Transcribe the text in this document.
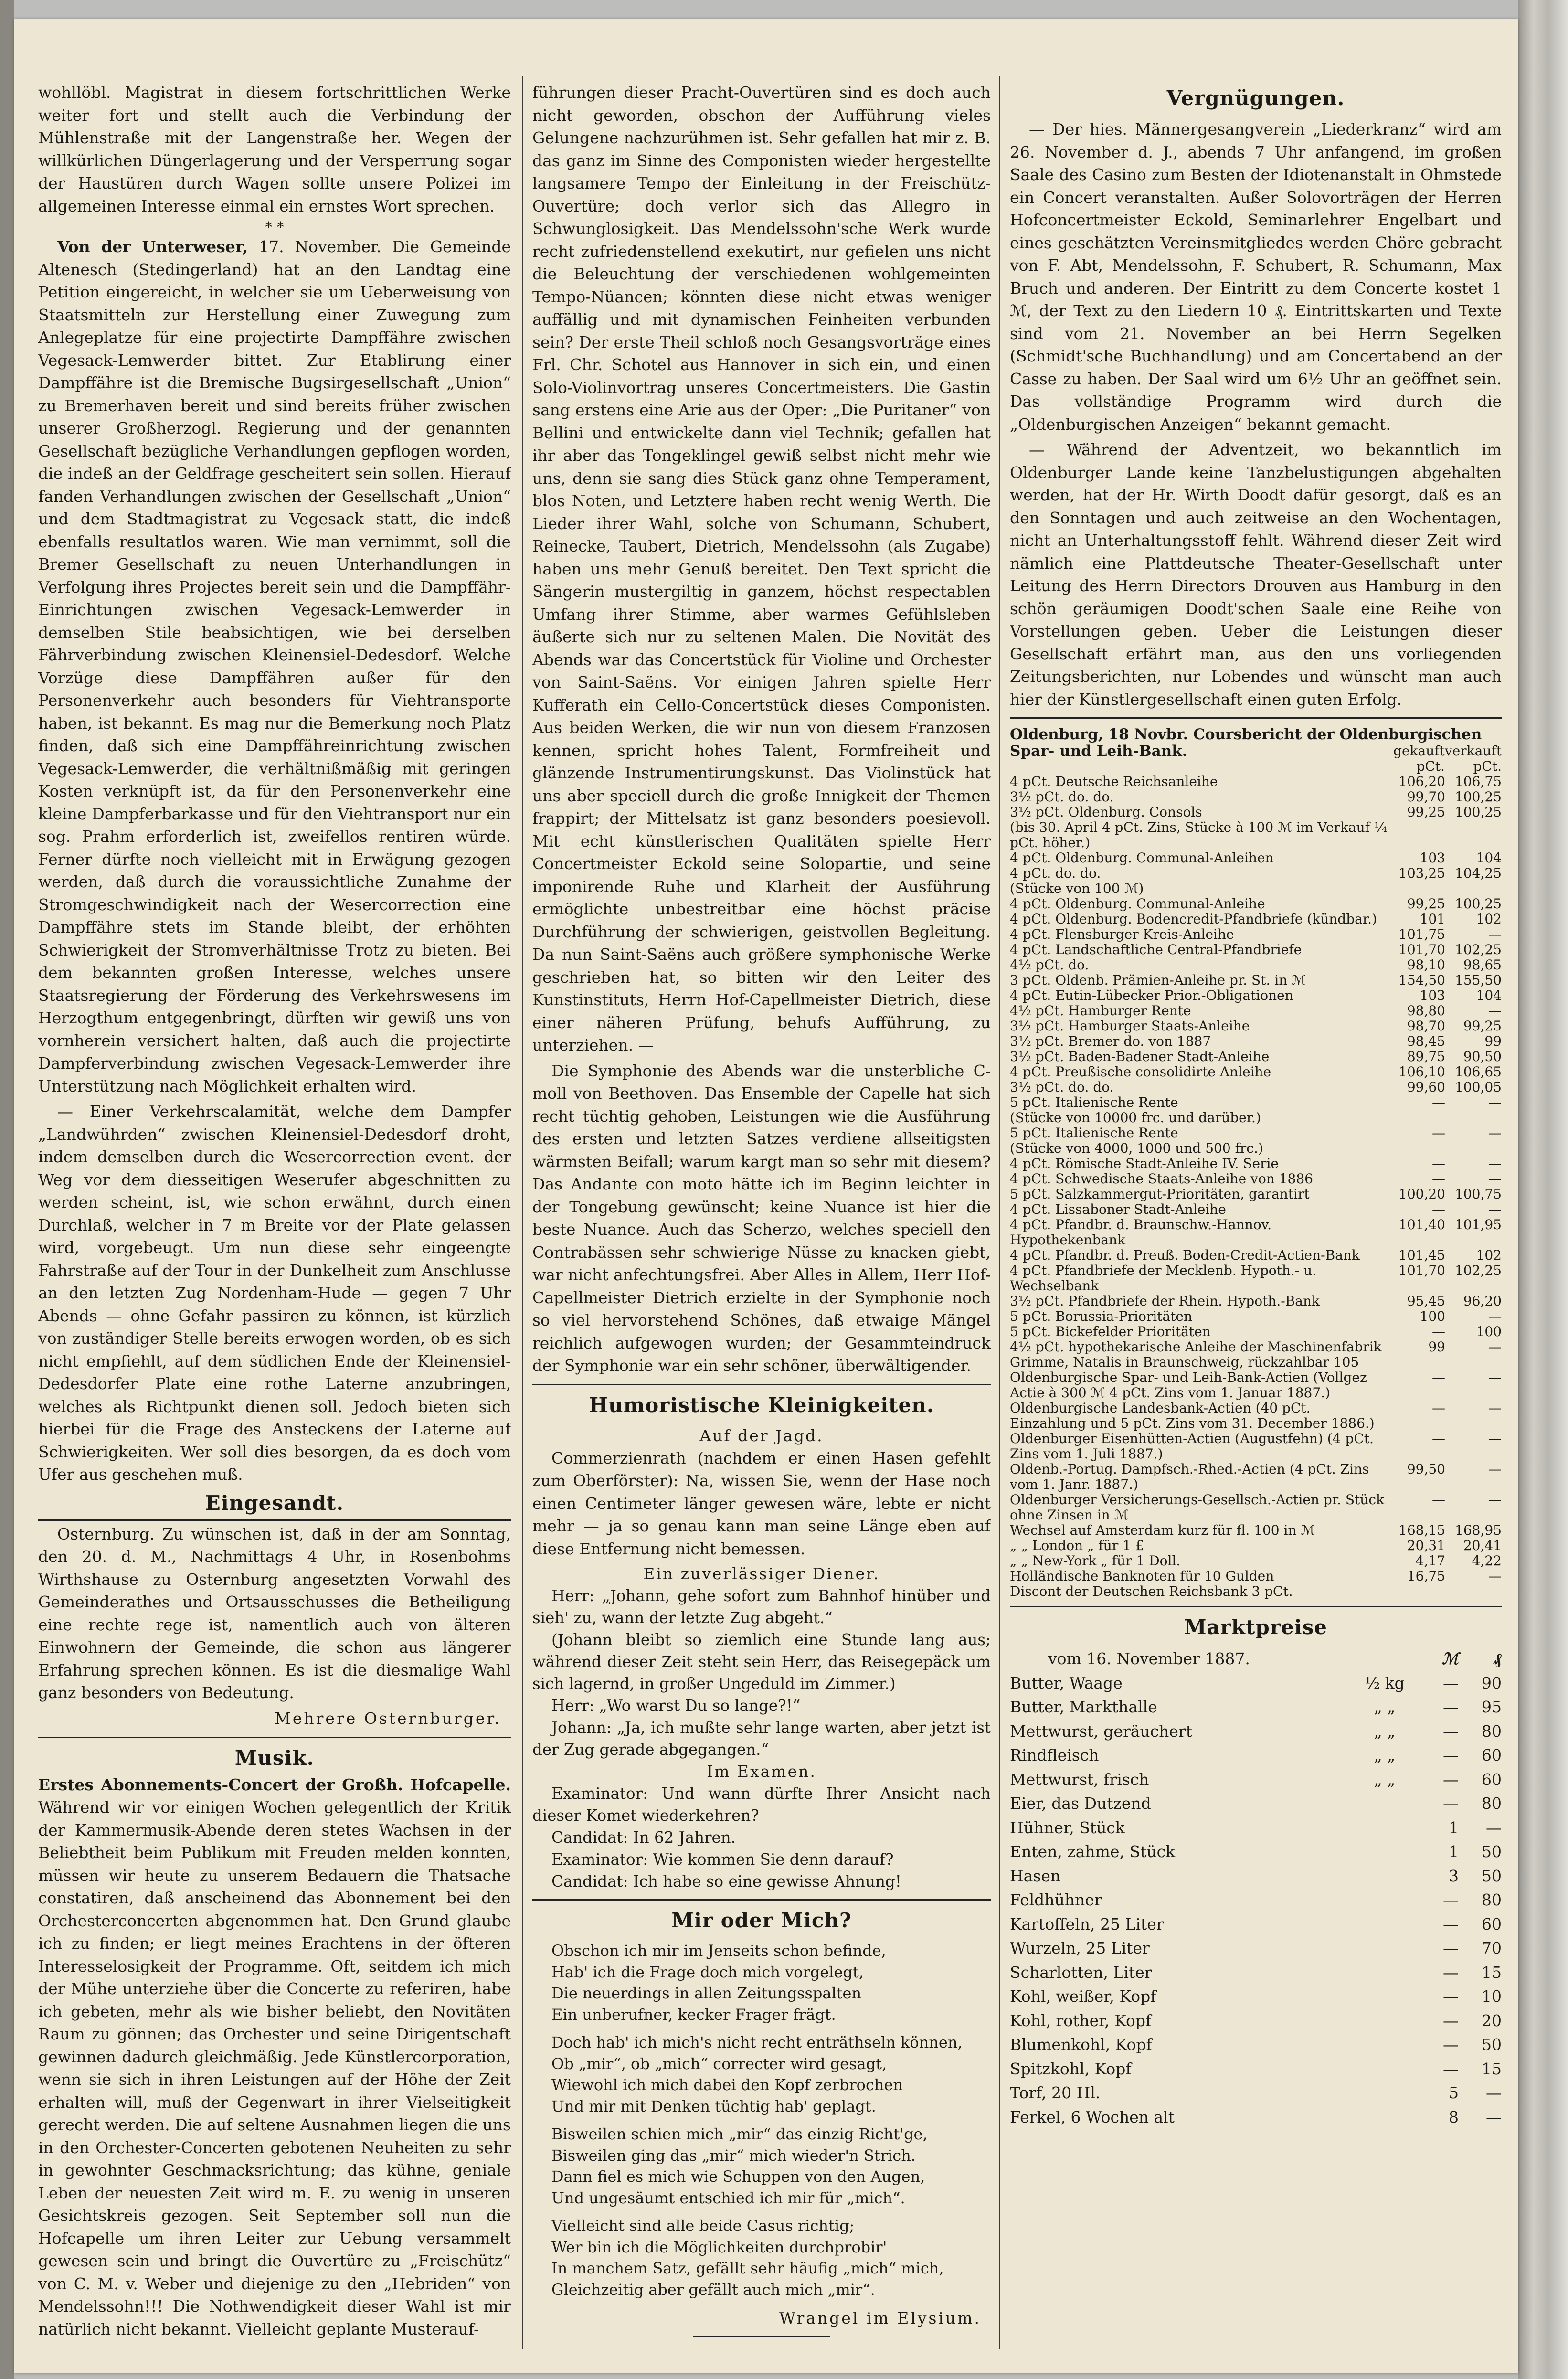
wohllöbl. Magistrat in diesem fortschrittlichen Werke weiter fort und stellt auch die Verbindung der Mühlenstraße mit der Langenstraße her. Wegen der willkürlichen Düngerlagerung und der Versperrung sogar der Haustüren durch Wagen sollte unsere Polizei im allgemeinen Interesse einmal ein ernstes Wort sprechen.

* *

Von der Unterweser, 17. November. Die Gemeinde Altenesch (Stedingerland) hat an den Landtag eine Petition eingereicht, in welcher sie um Ueberweisung von Staatsmitteln zur Herstellung einer Zuwegung zum Anlegeplatze für eine projectirte Dampffähre zwischen Vegesack-Lemwerder bittet. Zur Etablirung einer Dampffähre ist die Bremische Bugsirgesellschaft „Union“ zu Bremerhaven bereit und sind bereits früher zwischen unserer Großherzogl. Regierung und der genannten Gesellschaft bezügliche Verhandlungen gepflogen worden, die indeß an der Geldfrage gescheitert sein sollen. Hierauf fanden Verhandlungen zwischen der Gesellschaft „Union“ und dem Stadtmagistrat zu Vegesack statt, die indeß ebenfalls resultatlos waren. Wie man vernimmt, soll die Bremer Gesellschaft zu neuen Unterhandlungen in Verfolgung ihres Projectes bereit sein und die Dampffähr-Einrichtungen zwischen Vegesack-Lemwerder in demselben Stile beabsichtigen, wie bei derselben Fährverbindung zwischen Kleinensiel-Dedesdorf. Welche Vorzüge diese Dampffähren außer für den Personenverkehr auch besonders für Viehtransporte haben, ist bekannt. Es mag nur die Bemerkung noch Platz finden, daß sich eine Dampffähreinrichtung zwischen Vegesack-Lemwerder, die verhältnißmäßig mit geringen Kosten verknüpft ist, da für den Personenverkehr eine kleine Dampferbarkasse und für den Viehtransport nur ein sog. Prahm erforderlich ist, zweifellos rentiren würde. Ferner dürfte noch vielleicht mit in Erwägung gezogen werden, daß durch die voraussichtliche Zunahme der Stromgeschwindigkeit nach der Wesercorrection eine Dampffähre stets im Stande bleibt, der erhöhten Schwierigkeit der Stromverhältnisse Trotz zu bieten. Bei dem bekannten großen Interesse, welches unsere Staatsregierung der Förderung des Verkehrswesens im Herzogthum entgegenbringt, dürften wir gewiß uns von vornherein versichert halten, daß auch die projectirte Dampferverbindung zwischen Vegesack-Lemwerder ihre Unterstützung nach Möglichkeit erhalten wird.

— Einer Verkehrscalamität, welche dem Dampfer „Landwührden“ zwischen Kleinensiel-Dedesdorf droht, indem demselben durch die Wesercorrection event. der Weg vor dem diesseitigen Weserufer abgeschnitten zu werden scheint, ist, wie schon erwähnt, durch einen Durchlaß, welcher in 7 m Breite vor der Plate gelassen wird, vorgebeugt. Um nun diese sehr eingeengte Fahrstraße auf der Tour in der Dunkelheit zum Anschlusse an den letzten Zug Nordenham-Hude — gegen 7 Uhr Abends — ohne Gefahr passiren zu können, ist kürzlich von zuständiger Stelle bereits erwogen worden, ob es sich nicht empfiehlt, auf dem südlichen Ende der Kleinensiel-Dedesdorfer Plate eine rothe Laterne anzubringen, welches als Richtpunkt dienen soll. Jedoch bieten sich hierbei für die Frage des Ansteckens der Laterne auf Schwierigkeiten. Wer soll dies besorgen, da es doch vom Ufer aus geschehen muß.

Eingesandt.

Osternburg. Zu wünschen ist, daß in der am Sonntag, den 20. d. M., Nachmittags 4 Uhr, in Rosenbohms Wirthshause zu Osternburg angesetzten Vorwahl des Gemeinderathes und Ortsausschusses die Betheiligung eine rechte rege ist, namentlich auch von älteren Einwohnern der Gemeinde, die schon aus längerer Erfahrung sprechen können. Es ist die diesmalige Wahl ganz besonders von Bedeutung.

Mehrere Osternburger.

Musik.

Erstes Abonnements-Concert der Großh. Hofcapelle. Während wir vor einigen Wochen gelegentlich der Kritik der Kammermusik-Abende deren stetes Wachsen in der Beliebtheit beim Publikum mit Freuden melden konnten, müssen wir heute zu unserem Bedauern die Thatsache constatiren, daß anscheinend das Abonnement bei den Orchesterconcerten abgenommen hat. Den Grund glaube ich zu finden; er liegt meines Erachtens in der öfteren Interesselosigkeit der Programme. Oft, seitdem ich mich der Mühe unterziehe über die Concerte zu referiren, habe ich gebeten, mehr als wie bisher beliebt, den Novitäten Raum zu gönnen; das Orchester und seine Dirigentschaft gewinnen dadurch gleichmäßig. Jede Künstlercorporation, wenn sie sich in ihren Leistungen auf der Höhe der Zeit erhalten will, muß der Gegenwart in ihrer Vielseitigkeit gerecht werden. Die auf seltene Ausnahmen liegen die uns in den Orchester-Concerten gebotenen Neuheiten zu sehr in gewohnter Geschmacksrichtung; das kühne, geniale Leben der neuesten Zeit wird m. E. zu wenig in unseren Gesichtskreis gezogen. Seit September soll nun die Hofcapelle um ihren Leiter zur Uebung versammelt gewesen sein und bringt die Ouvertüre zu „Freischütz“ von C. M. v. Weber und diejenige zu den „Hebriden“ von Mendelssohn!!! Die Nothwendigkeit dieser Wahl ist mir natürlich nicht bekannt. Vielleicht geplante Musterauf-

führungen dieser Pracht-Ouvertüren sind es doch auch nicht geworden, obschon der Aufführung vieles Gelungene nachzurühmen ist. Sehr gefallen hat mir z. B. das ganz im Sinne des Componisten wieder hergestellte langsamere Tempo der Einleitung in der Freischütz-Ouvertüre; doch verlor sich das Allegro in Schwunglosigkeit. Das Mendelssohn'sche Werk wurde recht zufriedenstellend exekutirt, nur gefielen uns nicht die Beleuchtung der verschiedenen wohlgemeinten Tempo-Nüancen; könnten diese nicht etwas weniger auffällig und mit dynamischen Feinheiten verbunden sein? Der erste Theil schloß noch Gesangsvorträge eines Frl. Chr. Schotel aus Hannover in sich ein, und einen Solo-Violinvortrag unseres Concertmeisters. Die Gastin sang erstens eine Arie aus der Oper: „Die Puritaner“ von Bellini und entwickelte dann viel Technik; gefallen hat ihr aber das Tongeklingel gewiß selbst nicht mehr wie uns, denn sie sang dies Stück ganz ohne Temperament, blos Noten, und Letztere haben recht wenig Werth. Die Lieder ihrer Wahl, solche von Schumann, Schubert, Reinecke, Taubert, Dietrich, Mendelssohn (als Zugabe) haben uns mehr Genuß bereitet. Den Text spricht die Sängerin mustergiltig in ganzem, höchst respectablen Umfang ihrer Stimme, aber warmes Gefühlsleben äußerte sich nur zu seltenen Malen. Die Novität des Abends war das Concertstück für Violine und Orchester von Saint-Saëns. Vor einigen Jahren spielte Herr Kufferath ein Cello-Concertstück dieses Componisten. Aus beiden Werken, die wir nun von diesem Franzosen kennen, spricht hohes Talent, Formfreiheit und glänzende Instrumentirungskunst. Das Violinstück hat uns aber speciell durch die große Innigkeit der Themen frappirt; der Mittelsatz ist ganz besonders poesievoll. Mit echt künstlerischen Qualitäten spielte Herr Concertmeister Eckold seine Solopartie, und seine imponirende Ruhe und Klarheit der Ausführung ermöglichte unbestreitbar eine höchst präcise Durchführung der schwierigen, geistvollen Begleitung. Da nun Saint-Saëns auch größere symphonische Werke geschrieben hat, so bitten wir den Leiter des Kunstinstituts, Herrn Hof-Capellmeister Dietrich, diese einer näheren Prüfung, behufs Aufführung, zu unterziehen. —

Die Symphonie des Abends war die unsterbliche C-moll von Beethoven. Das Ensemble der Capelle hat sich recht tüchtig gehoben, Leistungen wie die Ausführung des ersten und letzten Satzes verdiene allseitigsten wärmsten Beifall; warum kargt man so sehr mit diesem? Das Andante con moto hätte ich im Beginn leichter in der Tongebung gewünscht; keine Nuance ist hier die beste Nuance. Auch das Scherzo, welches speciell den Contrabässen sehr schwierige Nüsse zu knacken giebt, war nicht anfechtungsfrei. Aber Alles in Allem, Herr Hof-Capellmeister Dietrich erzielte in der Symphonie noch so viel hervorstehend Schönes, daß etwaige Mängel reichlich aufgewogen wurden; der Gesammteindruck der Symphonie war ein sehr schöner, überwältigender.

Humoristische Kleinigkeiten.

Auf der Jagd.

Commerzienrath (nachdem er einen Hasen gefehlt zum Oberförster): Na, wissen Sie, wenn der Hase noch einen Centimeter länger gewesen wäre, lebte er nicht mehr — ja so genau kann man seine Länge eben auf diese Entfernung nicht bemessen.

Ein zuverlässiger Diener.

Herr: „Johann, gehe sofort zum Bahnhof hinüber und sieh' zu, wann der letzte Zug abgeht.“

(Johann bleibt so ziemlich eine Stunde lang aus; während dieser Zeit steht sein Herr, das Reisegepäck um sich lagernd, in großer Ungeduld im Zimmer.)

Herr: „Wo warst Du so lange?!“

Johann: „Ja, ich mußte sehr lange warten, aber jetzt ist der Zug gerade abgegangen.“

Im Examen.

Examinator: Und wann dürfte Ihrer Ansicht nach dieser Komet wiederkehren?

Candidat: In 62 Jahren.

Examinator: Wie kommen Sie denn darauf?

Candidat: Ich habe so eine gewisse Ahnung!

Mir oder Mich?

Obschon ich mir im Jenseits schon befinde,
Hab' ich die Frage doch mich vorgelegt,
Die neuerdings in allen Zeitungsspalten
Ein unberufner, kecker Frager frägt.

Doch hab' ich mich's nicht recht enträthseln können,
Ob „mir“, ob „mich“ correcter wird gesagt,
Wiewohl ich mich dabei den Kopf zerbrochen
Und mir mit Denken tüchtig hab' geplagt.

Bisweilen schien mich „mir“ das einzig Richt'ge,
Bisweilen ging das „mir“ mich wieder'n Strich.
Dann fiel es mich wie Schuppen von den Augen,
Und ungesäumt entschied ich mir für „mich“.

Vielleicht sind alle beide Casus richtig;
Wer bin ich die Möglichkeiten durchprobir'
In manchem Satz, gefällt sehr häufig „mich“ mich,
Gleichzeitig aber gefällt auch mich „mir“.

Wrangel im Elysium.

Vergnügungen.

— Der hies. Männergesangverein „Liederkranz“ wird am 26. November d. J., abends 7 Uhr anfangend, im großen Saale des Casino zum Besten der Idiotenanstalt in Ohmstede ein Concert veranstalten. Außer Solovorträgen der Herren Hofconcertmeister Eckold, Seminarlehrer Engelbart und eines geschätzten Vereinsmitgliedes werden Chöre gebracht von F. Abt, Mendelssohn, F. Schubert, R. Schumann, Max Bruch und anderen. Der Eintritt zu dem Concerte kostet 1 ℳ, der Text zu den Liedern 10 ₰. Eintrittskarten und Texte sind vom 21. November an bei Herrn Segelken (Schmidt'sche Buchhandlung) und am Concertabend an der Casse zu haben. Der Saal wird um 6½ Uhr an geöffnet sein. Das vollständige Programm wird durch die „Oldenburgischen Anzeigen“ bekannt gemacht.

— Während der Adventzeit, wo bekanntlich im Oldenburger Lande keine Tanzbelustigungen abgehalten werden, hat der Hr. Wirth Doodt dafür gesorgt, daß es an den Sonntagen und auch zeitweise an den Wochentagen, nicht an Unterhaltungsstoff fehlt. Während dieser Zeit wird nämlich eine Plattdeutsche Theater-Gesellschaft unter Leitung des Herrn Directors Drouven aus Hamburg in den schön geräumigen Doodt'schen Saale eine Reihe von Vorstellungen geben. Ueber die Leistungen dieser Gesellschaft erfährt man, aus den uns vorliegenden Zeitungsberichten, nur Lobendes und wünscht man auch hier der Künstlergesellschaft einen guten Erfolg.

Oldenburg, 18 Novbr. Coursbericht der Oldenburgischen

Spar- und Leih-Bank.	gekauft	verkauft
	pCt.	pCt.
4 pCt. Deutsche Reichsanleihe	106,20	106,75
3½ pCt. do. do.	99,70	100,25
3½ pCt. Oldenburg. Consols	99,25	100,25
(bis 30. April 4 pCt. Zins, Stücke à 100 ℳ im Verkauf ¼ pCt. höher.)		
4 pCt. Oldenburg. Communal-Anleihen	103	104
4 pCt. do. do.	103,25	104,25
(Stücke von 100 ℳ)		
4 pCt. Oldenburg. Communal-Anleihe	99,25	100,25
4 pCt. Oldenburg. Bodencredit-Pfandbriefe (kündbar.)	101	102
4 pCt. Flensburger Kreis-Anleihe	101,75	—
4 pCt. Landschaftliche Central-Pfandbriefe	101,70	102,25
4½ pCt. do.	98,10	98,65
3 pCt. Oldenb. Prämien-Anleihe pr. St. in ℳ	154,50	155,50
4 pCt. Eutin-Lübecker Prior.-Obligationen	103	104
4½ pCt. Hamburger Rente	98,80	—
3½ pCt. Hamburger Staats-Anleihe	98,70	99,25
3½ pCt. Bremer do. von 1887	98,45	99
3½ pCt. Baden-Badener Stadt-Anleihe	89,75	90,50
4 pCt. Preußische consolidirte Anleihe	106,10	106,65
3½ pCt. do. do.	99,60	100,05
5 pCt. Italienische Rente	—	—
(Stücke von 10000 frc. und darüber.)		
5 pCt. Italienische Rente	—	—
(Stücke von 4000, 1000 und 500 frc.)		
4 pCt. Römische Stadt-Anleihe IV. Serie	—	—
4 pCt. Schwedische Staats-Anleihe von 1886	—	—
5 pCt. Salzkammergut-Prioritäten, garantirt	100,20	100,75
4 pCt. Lissaboner Stadt-Anleihe	—	—
4 pCt. Pfandbr. d. Braunschw.-Hannov. Hypothekenbank	101,40	101,95
4 pCt. Pfandbr. d. Preuß. Boden-Credit-Actien-Bank	101,45	102
4 pCt. Pfandbriefe der Mecklenb. Hypoth.- u. Wechselbank	101,70	102,25
3½ pCt. Pfandbriefe der Rhein. Hypoth.-Bank	95,45	96,20
5 pCt. Borussia-Prioritäten	100	—
5 pCt. Bickefelder Prioritäten	—	100
4½ pCt. hypothekarische Anleihe der Maschinenfabrik Grimme, Natalis in Braunschweig, rückzahlbar 105	99	—
Oldenburgische Spar- und Leih-Bank-Actien (Vollgez Actie à 300 ℳ 4 pCt. Zins vom 1. Januar 1887.)	—	—
Oldenburgische Landesbank-Actien (40 pCt. Einzahlung und 5 pCt. Zins vom 31. December 1886.)	—	—
Oldenburger Eisenhütten-Actien (Augustfehn) (4 pCt. Zins vom 1. Juli 1887.)	—	—
Oldenb.-Portug. Dampfsch.-Rhed.-Actien (4 pCt. Zins vom 1. Janr. 1887.)	99,50	—
Oldenburger Versicherungs-Gesellsch.-Actien pr. Stück ohne Zinsen in ℳ	—	—
Wechsel auf Amsterdam kurz für fl. 100 in ℳ	168,15	168,95
„ „ London „ für 1 £	20,31	20,41
„ „ New-York „ für 1 Doll.	4,17	4,22
Holländische Banknoten für 10 Gulden	16,75	—
Discont der Deutschen Reichsbank 3 pCt.		
Marktpreise
vom 16. November 1887.	ℳ	₰
Butter, Waage	½ kg	—	90
Butter, Markthalle	„ „	—	95
Mettwurst, geräuchert	„ „	—	80
Rindfleisch	„ „	—	60
Mettwurst, frisch	„ „	—	60
Eier, das Dutzend		—	80
Hühner, Stück		1	—
Enten, zahme, Stück		1	50
Hasen		3	50
Feldhühner		—	80
Kartoffeln, 25 Liter		—	60
Wurzeln, 25 Liter		—	70
Scharlotten, Liter		—	15
Kohl, weißer, Kopf		—	10
Kohl, rother, Kopf		—	20
Blumenkohl, Kopf		—	50
Spitzkohl, Kopf		—	15
Torf, 20 Hl.		5	—
Ferkel, 6 Wochen alt		8	—
